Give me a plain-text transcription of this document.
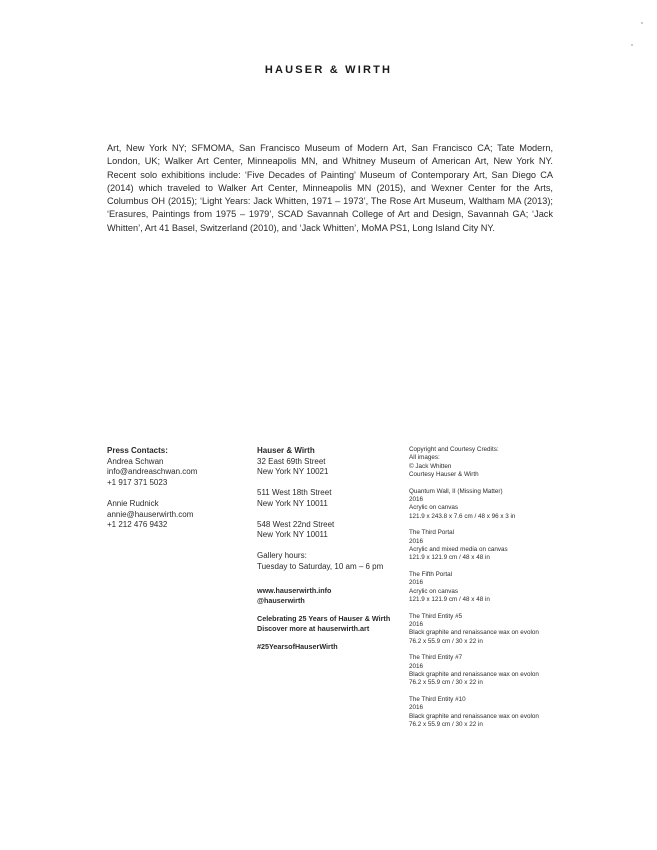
HAUSER & WIRTH

Art, New York NY; SFMOMA, San Francisco Museum of Modern Art, San Francisco CA; Tate Modern, London, UK; Walker Art Center, Minneapolis MN, and Whitney Museum of American Art, New York NY. Recent solo exhibitions include: ‘Five Decades of Painting’ Museum of Contemporary Art, San Diego CA (2014) which traveled to Walker Art Center, Minneapolis MN (2015), and Wexner Center for the Arts, Columbus OH (2015); ‘Light Years: Jack Whitten, 1971 – 1973’, The Rose Art Museum, Waltham MA (2013); ‘Erasures, Paintings from 1975 – 1979’, SCAD Savannah College of Art and Design, Savannah GA; ‘Jack Whitten’, Art 41 Basel, Switzerland (2010), and ‘Jack Whitten’, MoMA PS1, Long Island City NY.

Press Contacts:

Andrea Schwan

info@andreaschwan.com

+1 917 371 5023

Annie Rudnick

annie@hauserwirth.com

+1 212 476 9432

Hauser & Wirth

32 East 69th Street

New York NY 10021

511 West 18th Street

New York NY 10011

548 West 22nd Street

New York NY 10011

Gallery hours:

Tuesday to Saturday, 10 am – 6 pm

www.hauserwirth.info

@hauserwirth

Celebrating 25 Years of Hauser & Wirth

Discover more at hauserwirth.art

#25YearsofHauserWirth

Copyright and Courtesy Credits:

All images:

© Jack Whitten

Courtesy Hauser & Wirth

Quantum Wall, II (Missing Matter)

2016

Acrylic on canvas

121.9 x 243.8 x 7.6 cm / 48 x 96 x 3 in

The Third Portal

2016

Acrylic and mixed media on canvas

121.9 x 121.9 cm / 48 x 48 in

The Fifth Portal

2016

Acrylic on canvas

121.9 x 121.9 cm / 48 x 48 in

The Third Entity #5

2016

Black graphite and renaissance wax on evolon

76.2 x 55.9 cm / 30 x 22 in

The Third Entity #7

2016

Black graphite and renaissance wax on evolon

76.2 x 55.9 cm / 30 x 22 in

The Third Entity #10

2016

Black graphite and renaissance wax on evolon

76.2 x 55.9 cm / 30 x 22 in
